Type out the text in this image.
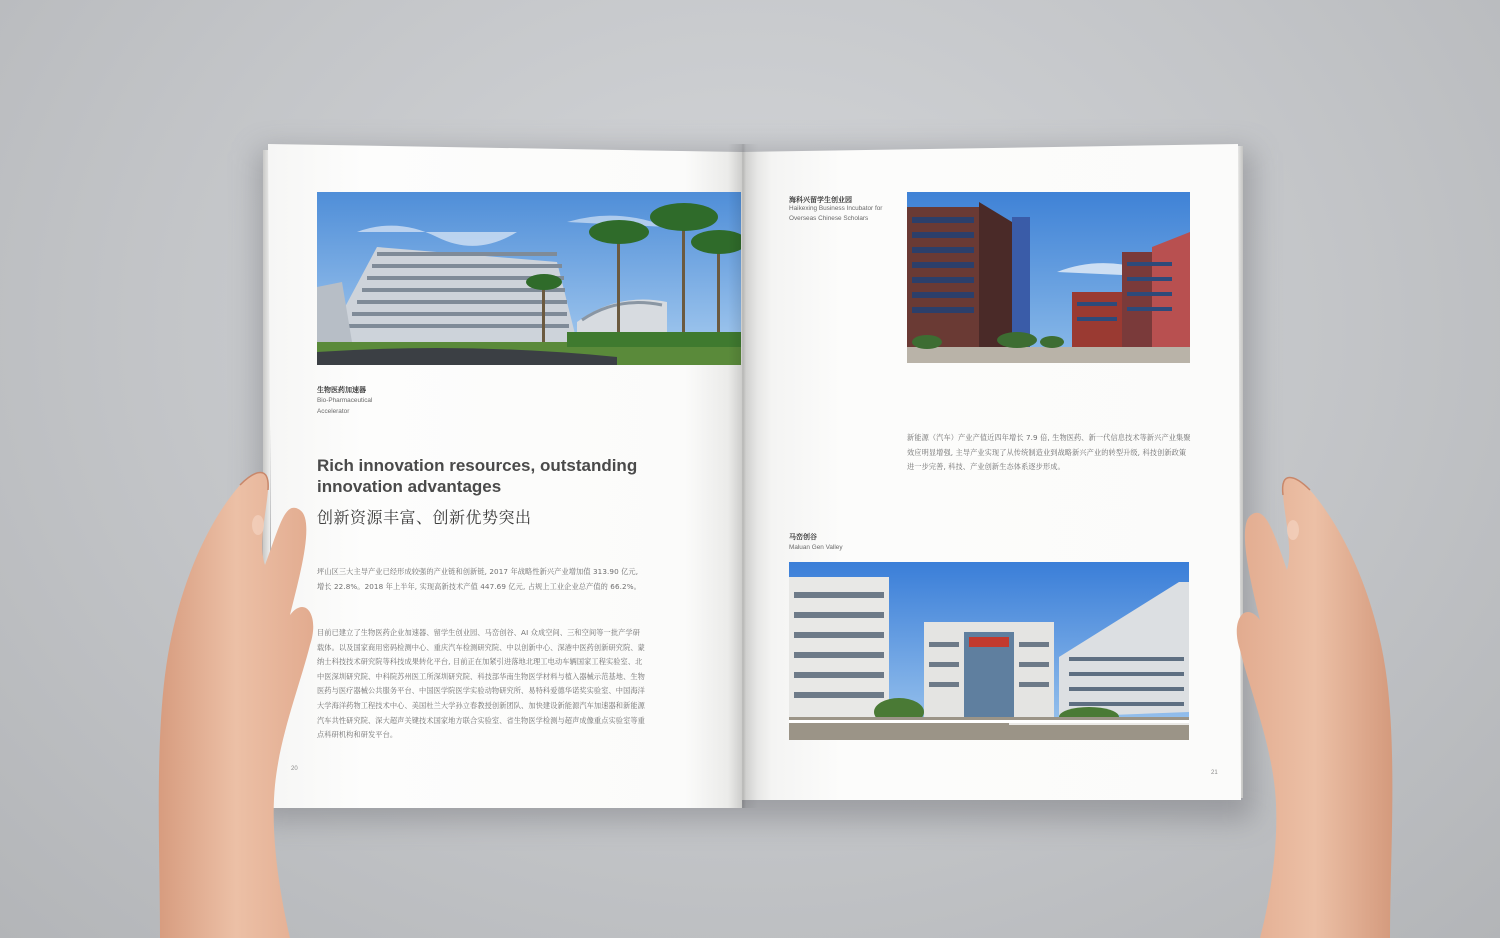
生物医药加速器
Bio-Pharmaceutical
Accelerator
Rich innovation resources, outstanding innovation advantages
创新资源丰富、创新优势突出
坪山区三大主导产业已经形成较强的产业链和创新链, 2017 年战略性新兴产业增加值 313.90 亿元, 增长 22.8%。2018 年上半年, 实现高新技术产值 447.69 亿元, 占规上工业企业总产值的 66.2%。
目前已建立了生物医药企业加速器、留学生创业园、马峦创谷、AI 众成空间、三和空间等一批产学研载体。以及国家商用密码检测中心、重庆汽车检测研究院、中以创新中心、深港中医药创新研究院、蒙纳士科技技术研究院等科技成果转化平台, 目前正在加紧引进落地北理工电动车辆国家工程实验室、北中医深圳研究院、中科院苏州医工所深圳研究院、科技部华南生物医学材料与植入器械示范基地、生物医药与医疗器械公共服务平台、中国医学院医学实验动物研究所、易特科爱德华诺奖实验室、中国海洋大学海洋药物工程技术中心、美国杜兰大学孙立春教授创新团队、加快建设新能源汽车加速器和新能源汽车共性研究院、深大超声关键技术国家地方联合实验室、省生物医学检测与超声成像重点实验室等重点科研机构和研发平台。
20
海科兴留学生创业园
Haikexing Business Incubator for
Overseas Chinese Scholars
新能源（汽车）产业产值近四年增长 7.9 倍, 生物医药、新一代信息技术等新兴产业集聚效应明显增强, 主导产业实现了从传统制造业到战略新兴产业的转型升级, 科技创新政策进一步完善, 科技、产业创新生态体系逐步形成。
马峦创谷
Maluan Gen Valley
21
